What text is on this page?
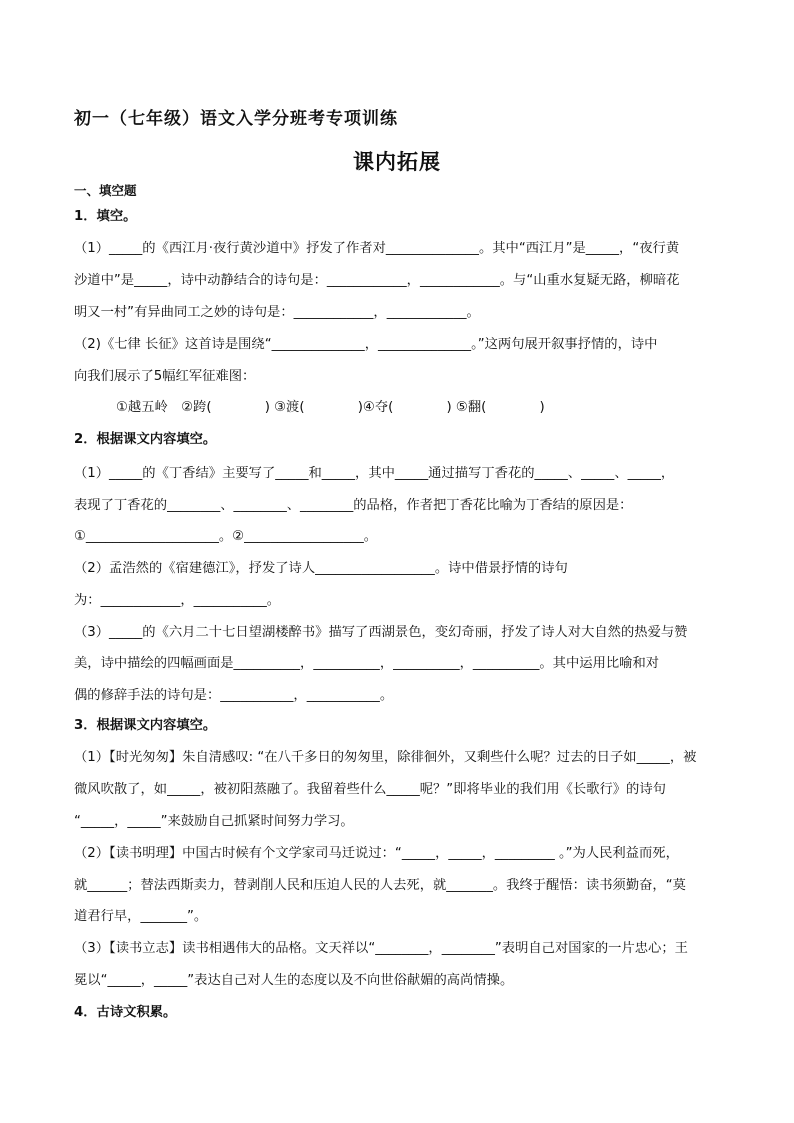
初一（七年级）语文入学分班考专项训练
课内拓展
一、填空题
1．填空。
（1）_____的《西江月·夜行黄沙道中》抒发了作者对______________。其中“西江月”是_____，“夜行黄
沙道中”是_____，诗中动静结合的诗句是：____________，____________。与“山重水复疑无路，柳暗花
明又一村”有异曲同工之妙的诗句是：____________，____________。
（2)《七律 长征》这首诗是围绕“______________，______________。”这两句展开叙事抒情的，诗中
向我们展示了5幅红军征难图：
①越五岭　②跨(　　　　) ③渡(　　　　)④夺(　　　　) ⑤翻(　　　　)
2．根据课文内容填空。
（1）_____的《丁香结》主要写了_____和_____，其中_____通过描写丁香花的_____、_____、_____，
表现了丁香花的________、________、________的品格，作者把丁香花比喻为丁香结的原因是：
①____________________。②__________________。
（2）孟浩然的《宿建德江》，抒发了诗人__________________。诗中借景抒情的诗句
为：____________，___________。
（3）_____的《六月二十七日望湖楼醉书》描写了西湖景色，变幻奇丽，抒发了诗人对大自然的热爱与赞
美，诗中描绘的四幅画面是__________，__________，__________，__________。其中运用比喻和对
偶的修辞手法的诗句是：___________，___________。
3．根据课文内容填空。
（1）【时光匆匆】朱自清感叹: “在八千多日的匆匆里，除徘徊外，又剩些什么呢？过去的日子如_____，被
微风吹散了，如_____，被初阳蒸融了。我留着些什么_____呢？”即将毕业的我们用《长歌行》的诗句
“_____，_____”来鼓励自己抓紧时间努力学习。
（2）【读书明理】中国古时候有个文学家司马迁说过：“_____，_____，_________ 。”为人民利益而死，
就______；替法西斯卖力，替剥削人民和压迫人民的人去死，就_______。我终于醒悟：读书须勤奋，“莫
道君行早，_______”。
（3）【读书立志】读书相遇伟大的品格。文天祥以“________，________”表明自己对国家的一片忠心；王
冕以“_____，_____”表达自己对人生的态度以及不向世俗献媚的高尚情操。
4．古诗文积累。
